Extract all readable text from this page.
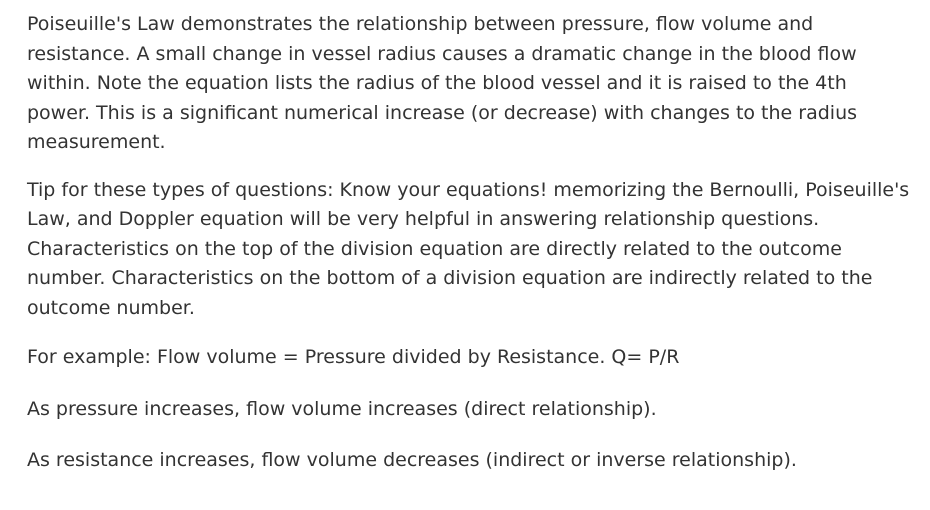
Poiseuille's Law demonstrates the relationship between pressure, flow volume and resistance. A small change in vessel radius causes a dramatic change in the blood flow within. Note the equation lists the radius of the blood vessel and it is raised to the 4th power. This is a significant numerical increase (or decrease) with changes to the radius measurement.

Tip for these types of questions: Know your equations! memorizing the Bernoulli, Poiseuille's Law, and Doppler equation will be very helpful in answering relationship questions. Characteristics on the top of the division equation are directly related to the outcome number. Characteristics on the bottom of a division equation are indirectly related to the outcome number.

For example: Flow volume = Pressure divided by Resistance. Q= P/R

As pressure increases, flow volume increases (direct relationship).

As resistance increases, flow volume decreases (indirect or inverse relationship).
